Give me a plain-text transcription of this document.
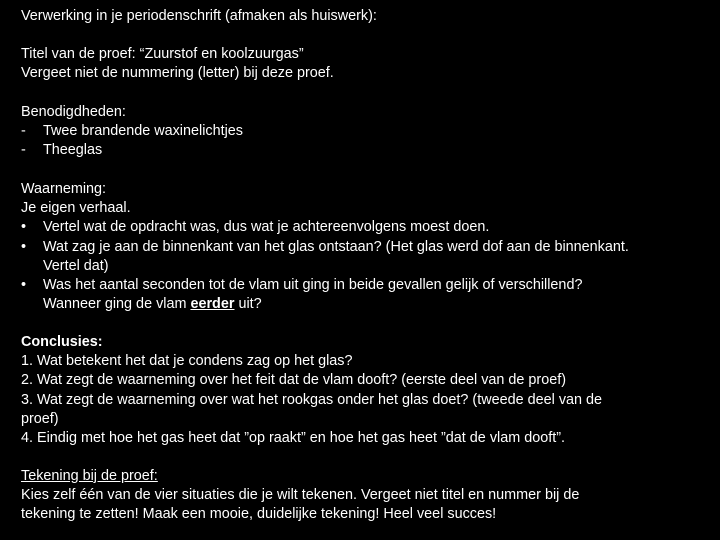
Verwerking in je periodenschrift (afmaken als huiswerk):
Titel van de proef: “Zuurstof en koolzuurgas”
Vergeet niet de nummering (letter) bij deze proef.
Benodigdheden:
- Twee brandende waxinelichtjes
- Theeglas
Waarneming:
Je eigen verhaal.
• Vertel wat de opdracht was, dus wat je achtereenvolgens moest doen.
• Wat zag je aan de binnenkant van het glas ontstaan? (Het glas werd dof aan de binnenkant.
Vertel dat)
• Was het aantal seconden tot de vlam uit ging in beide gevallen gelijk of verschillend?
Wanneer ging de vlam eerder uit?
Conclusies:
1. Wat betekent het dat je condens zag op het glas?
2. Wat zegt de waarneming over het feit dat de vlam dooft? (eerste deel van de proef)
3. Wat zegt de waarneming over wat het rookgas onder het glas doet? (tweede deel van de
proef)
4. Eindig met hoe het gas heet dat ”op raakt” en hoe het gas heet ”dat de vlam dooft”.
Tekening bij de proef:
Kies zelf één van de vier situaties die je wilt tekenen. Vergeet niet titel en nummer bij de
tekening te zetten! Maak een mooie, duidelijke tekening! Heel veel succes!
